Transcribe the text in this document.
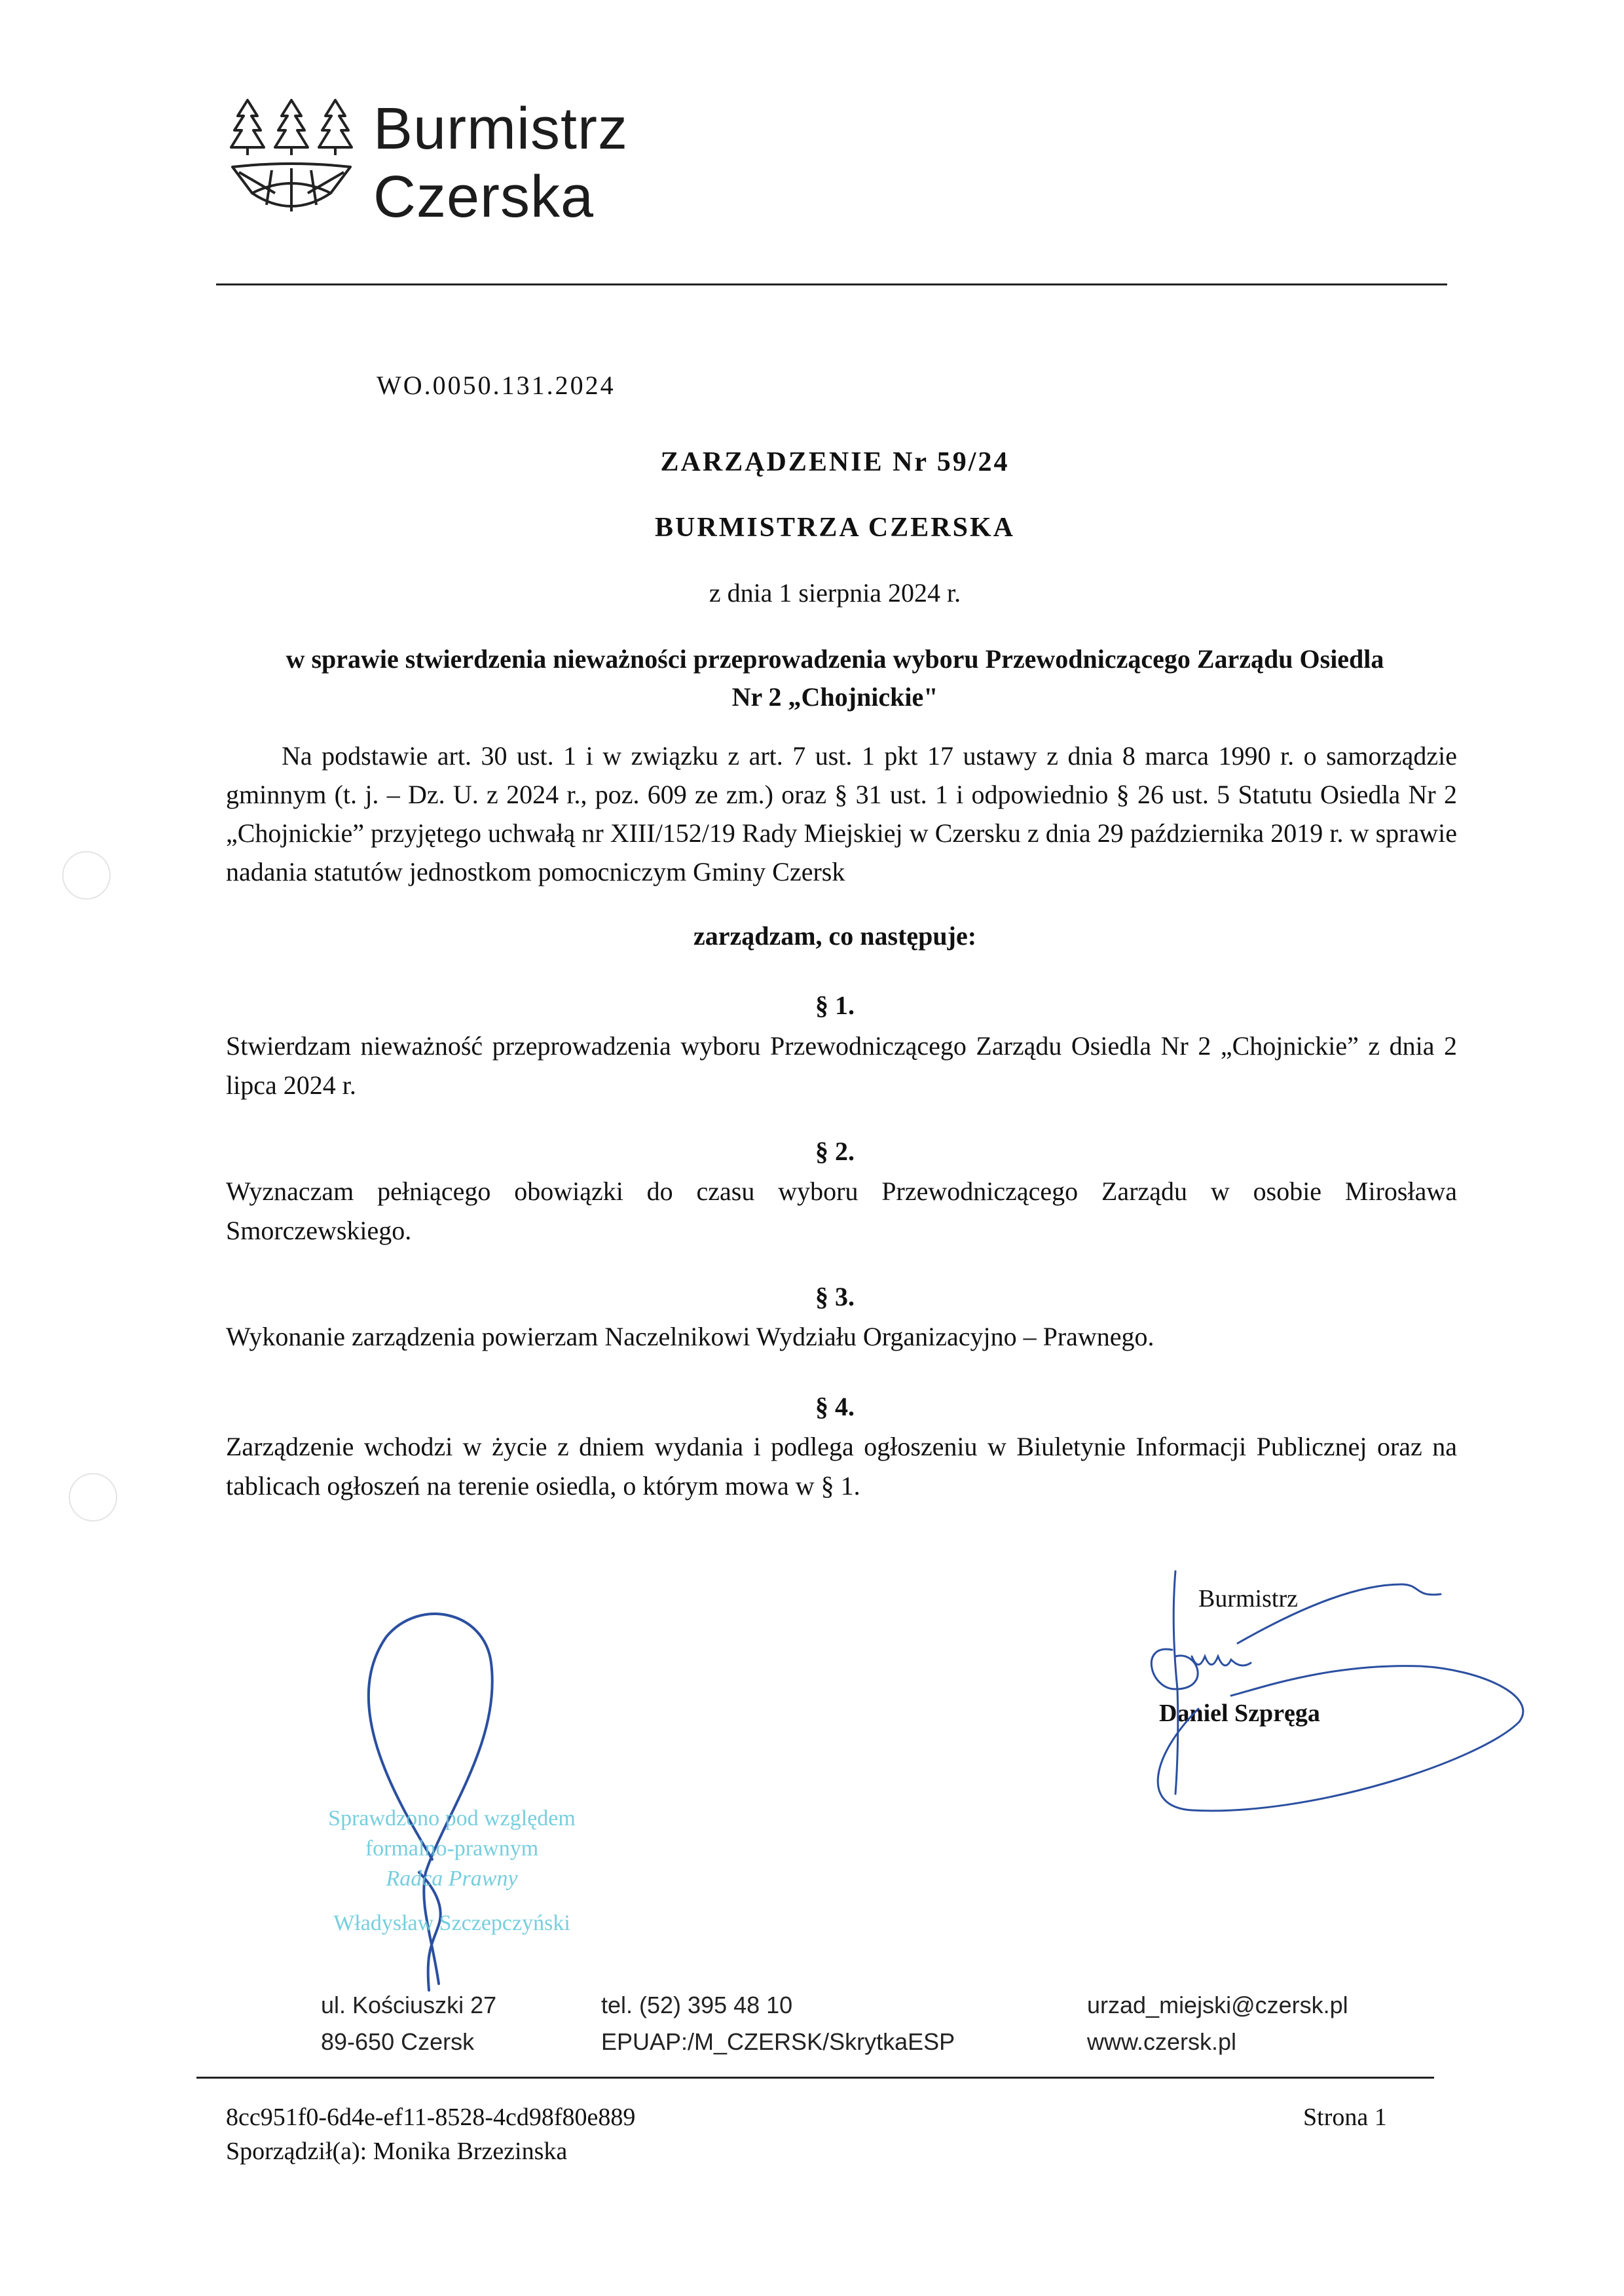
Burmistrz
Czerska
WO.0050.131.2024
ZARZĄDZENIE Nr 59/24
BURMISTRZA CZERSKA
z dnia 1 sierpnia 2024 r.
w sprawie stwierdzenia nieważności przeprowadzenia wyboru Przewodniczącego Zarządu Osiedla
Nr 2 „Chojnickie"
Na podstawie art. 30 ust. 1 i w związku z art. 7 ust. 1 pkt 17 ustawy z dnia 8 marca 1990 r. o samorządzie gminnym (t. j. – Dz. U. z 2024 r., poz. 609 ze zm.) oraz § 31 ust. 1 i odpowiednio § 26 ust. 5 Statutu Osiedla Nr 2 „Chojnickie” przyjętego uchwałą nr XIII/152/19 Rady Miejskiej w Czersku z dnia 29 października 2019 r. w sprawie nadania statutów jednostkom pomocniczym Gminy Czersk
zarządzam, co następuje:
§ 1.
Stwierdzam nieważność przeprowadzenia wyboru Przewodniczącego Zarządu Osiedla Nr 2 „Chojnickie” z dnia 2 lipca 2024 r.
§ 2.
Wyznaczam pełniącego obowiązki do czasu wyboru Przewodniczącego Zarządu w osobie Mirosława Smorczewskiego.
§ 3.
Wykonanie zarządzenia powierzam Naczelnikowi Wydziału Organizacyjno – Prawnego.
§ 4.
Zarządzenie wchodzi w życie z dniem wydania i podlega ogłoszeniu w Biuletynie Informacji Publicznej oraz na tablicach ogłoszeń na terenie osiedla, o którym mowa w § 1.
Burmistrz
Daniel Szpręga
Sprawdzono pod względem
formalno-prawnym
Radca Prawny
Władysław Szczepczyński
ul. Kościuszki 27
89-650 Czersk
tel. (52) 395 48 10
EPUAP:/M_CZERSK/SkrytkaESP
urzad_miejski@czersk.pl
www.czersk.pl
8cc951f0-6d4e-ef11-8528-4cd98f80e889
Sporządził(a): Monika Brzezinska
Strona 1
